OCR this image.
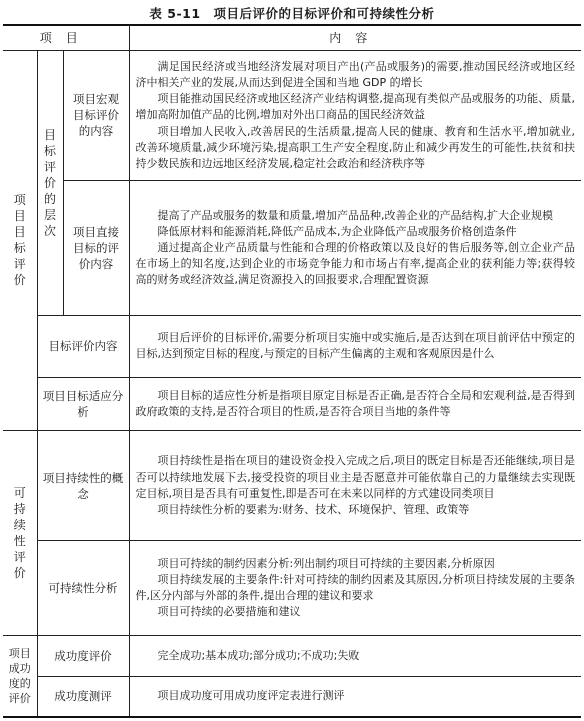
表 5-11　项目后评价的目标评价和可持续性分析
项目			内容
项目目标评价	目标评价的层次	项目宏观目标评价的内容	满足国民经济或当地经济发展对项目产出(产品或服务)的需要,推动国民经济或地区经济中相关产业的发展,从而达到促进全国和当地 GDP 的增长

项目能推动国民经济或地区经济产业结构调整,提高现有类似产品或服务的功能、质量,增加高附加值产品的比例,增加对外出口商品的国民经济效益

项目增加人民收入,改善居民的生活质量,提高人民的健康、教育和生活水平,增加就业,改善环境质量,减少环境污染,提高职工生产安全程度,防止和减少再发生的可能性,扶贫和扶持少数民族和边远地区经济发展,稳定社会政治和经济秩序等

		项目直接目标的评价内容	提高了产品或服务的数量和质量,增加产品品种,改善企业的产品结构,扩大企业规模

降低原材料和能源消耗,降低产品成本,为企业降低产品或服务价格创造条件

通过提高企业产品质量与性能和合理的价格政策以及良好的售后服务等,创立企业产品在市场上的知名度,达到企业的市场竞争能力和市场占有率,提高企业的获利能力等;获得较高的财务或经济效益,满足资源投入的回报要求,合理配置资源

	目标评价内容		项目后评价的目标评价,需要分析项目实施中或实施后,是否达到在项目前评估中预定的目标,达到预定目标的程度,与预定的目标产生偏离的主观和客观原因是什么

	项目目标适应分析		项目目标的适应性分析是指项目原定目标是否正确,是否符合全局和宏观利益,是否得到政府政策的支持,是否符合项目的性质,是否符合项目当地的条件等

可持续性评价	项目持续性的概念		项目持续性是指在项目的建设资金投入完成之后,项目的既定目标是否还能继续,项目是否可以持续地发展下去,接受投资的项目业主是否愿意并可能依靠自己的力量继续去实现既定目标,项目是否具有可重复性,即是否可在未来以同样的方式建设同类项目

项目持续性分析的要素为:财务、技术、环境保护、管理、政策等

	可持续性分析		项目可持续的制约因素分析:列出制约项目可持续的主要因素,分析原因

项目持续发展的主要条件:针对可持续的制约因素及其原因,分析项目持续发展的主要条件,区分内部与外部的条件,提出合理的建议和要求

项目可持续的必要措施和建议

项目成功度的评价	成功度评价		完全成功;基本成功;部分成功;不成功;失败

	成功度测评		项目成功度可用成功度评定表进行测评
